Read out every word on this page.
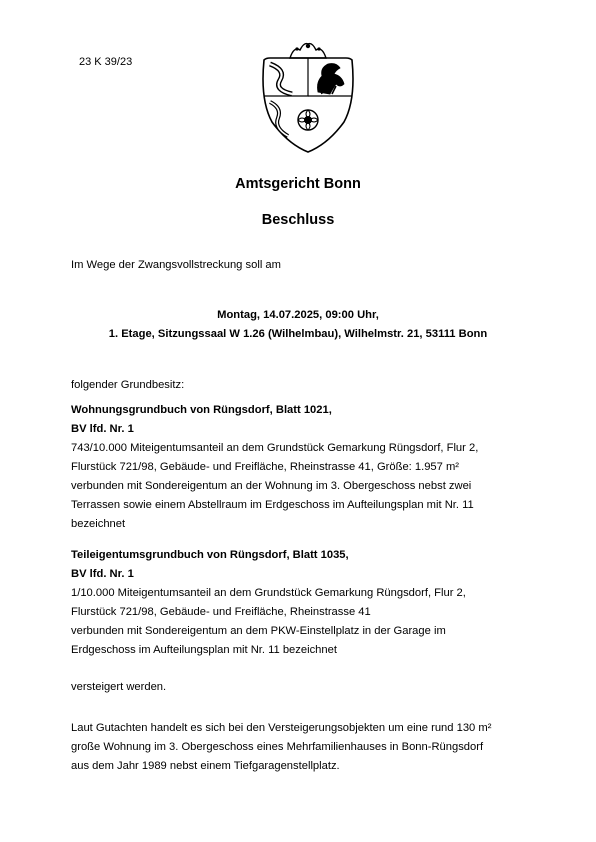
23 K 39/23
Amtsgericht Bonn
Beschluss
Im Wege der Zwangsvollstreckung soll am
Montag, 14.07.2025, 09:00 Uhr,
1. Etage, Sitzungssaal W 1.26 (Wilhelmbau), Wilhelmstr. 21, 53111 Bonn
folgender Grundbesitz:
Wohnungsgrundbuch von Rüngsdorf, Blatt 1021,
BV lfd. Nr. 1
743/10.000 Miteigentumsanteil an dem Grundstück Gemarkung Rüngsdorf, Flur 2,
Flurstück 721/98, Gebäude- und Freifläche, Rheinstrasse 41, Größe: 1.957 m²
verbunden mit Sondereigentum an der Wohnung im 3. Obergeschoss nebst zwei
Terrassen sowie einem Abstellraum im Erdgeschoss im Aufteilungsplan mit Nr. 11
bezeichnet
Teileigentumsgrundbuch von Rüngsdorf, Blatt 1035,
BV lfd. Nr. 1
1/10.000 Miteigentumsanteil an dem Grundstück Gemarkung Rüngsdorf, Flur 2,
Flurstück 721/98, Gebäude- und Freifläche, Rheinstrasse 41
verbunden mit Sondereigentum an dem PKW-Einstellplatz in der Garage im
Erdgeschoss im Aufteilungsplan mit Nr. 11 bezeichnet
versteigert werden.
Laut Gutachten handelt es sich bei den Versteigerungsobjekten um eine rund 130 m²
große Wohnung im 3. Obergeschoss eines Mehrfamilienhauses in Bonn-Rüngsdorf
aus dem Jahr 1989 nebst einem Tiefgaragenstellplatz.
